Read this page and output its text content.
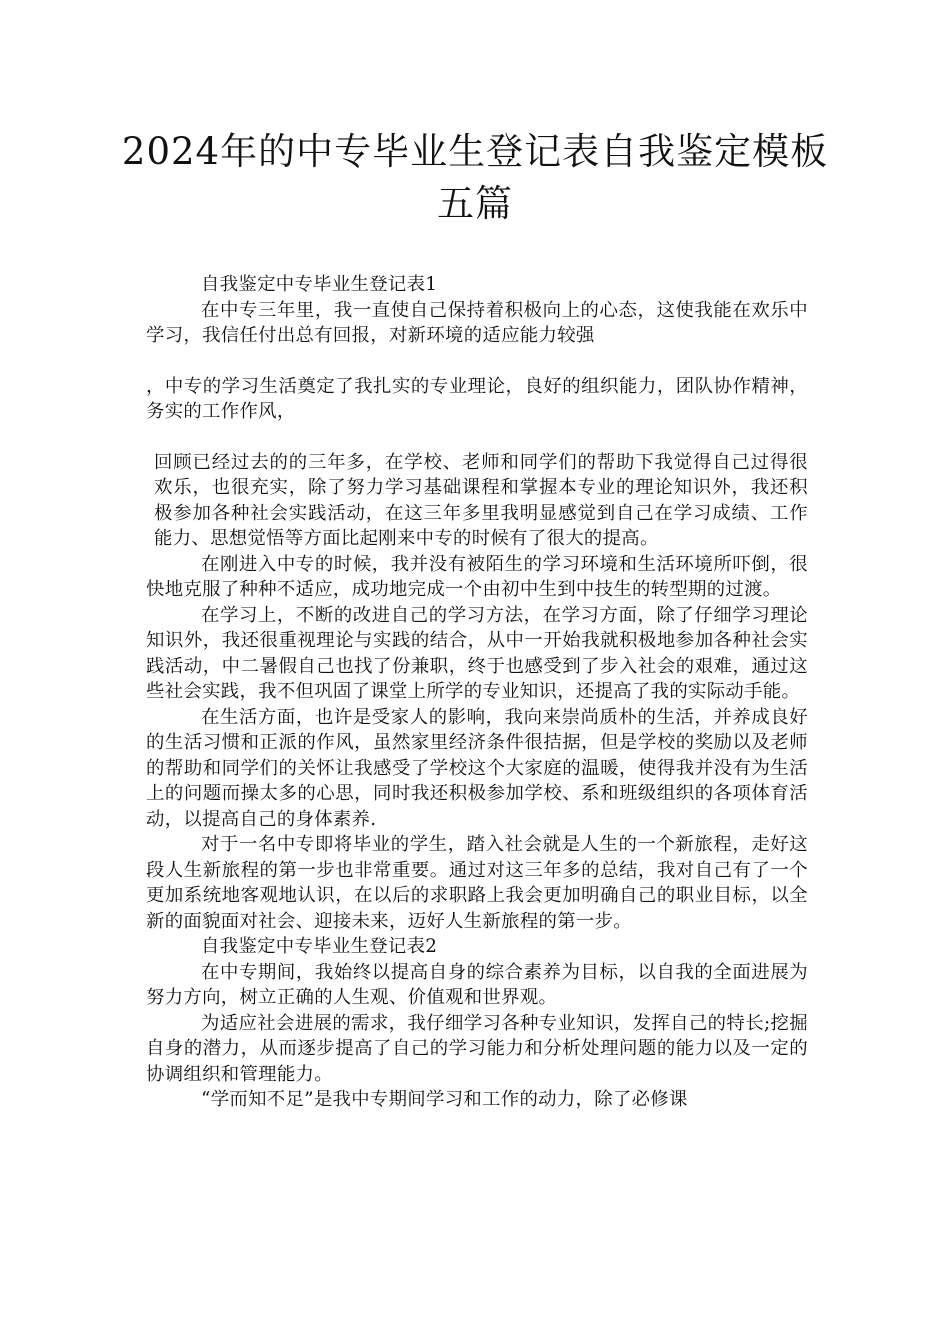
2024年的中专毕业生登记表自我鉴定模板
五篇

自我鉴定中专毕业生登记表1

在中专三年里，我一直使自己保持着积极向上的心态，这使我能在欢乐中学习，我信任付出总有回报，对新环境的适应能力较强

，中专的学习生活奠定了我扎实的专业理论，良好的组织能力，团队协作精神，务实的工作作风，

回顾已经过去的的三年多，在学校、老师和同学们的帮助下我觉得自己过得很欢乐，也很充实，除了努力学习基础课程和掌握本专业的理论知识外，我还积极参加各种社会实践活动，在这三年多里我明显感觉到自己在学习成绩、工作能力、思想觉悟等方面比起刚来中专的时候有了很大的提高。

在刚进入中专的时候，我并没有被陌生的学习环境和生活环境所吓倒，很快地克服了种种不适应，成功地完成一个由初中生到中技生的转型期的过渡。

在学习上，不断的改进自己的学习方法，在学习方面，除了仔细学习理论知识外，我还很重视理论与实践的结合，从中一开始我就积极地参加各种社会实践活动，中二暑假自己也找了份兼职，终于也感受到了步入社会的艰难，通过这些社会实践，我不但巩固了课堂上所学的专业知识，还提高了我的实际动手能。

在生活方面，也许是受家人的影响，我向来崇尚质朴的生活，并养成良好的生活习惯和正派的作风，虽然家里经济条件很拮据，但是学校的奖励以及老师的帮助和同学们的关怀让我感受了学校这个大家庭的温暖，使得我并没有为生活上的问题而操太多的心思，同时我还积极参加学校、系和班级组织的各项体育活动，以提高自己的身体素养.

对于一名中专即将毕业的学生，踏入社会就是人生的一个新旅程，走好这段人生新旅程的第一步也非常重要。通过对这三年多的总结，我对自己有了一个更加系统地客观地认识，在以后的求职路上我会更加明确自己的职业目标，以全新的面貌面对社会、迎接未来，迈好人生新旅程的第一步。

自我鉴定中专毕业生登记表2

在中专期间，我始终以提高自身的综合素养为目标，以自我的全面进展为努力方向，树立正确的人生观、价值观和世界观。

为适应社会进展的需求，我仔细学习各种专业知识，发挥自己的特长;挖掘自身的潜力，从而逐步提高了自己的学习能力和分析处理问题的能力以及一定的协调组织和管理能力。

“学而知不足”是我中专期间学习和工作的动力，除了必修课
